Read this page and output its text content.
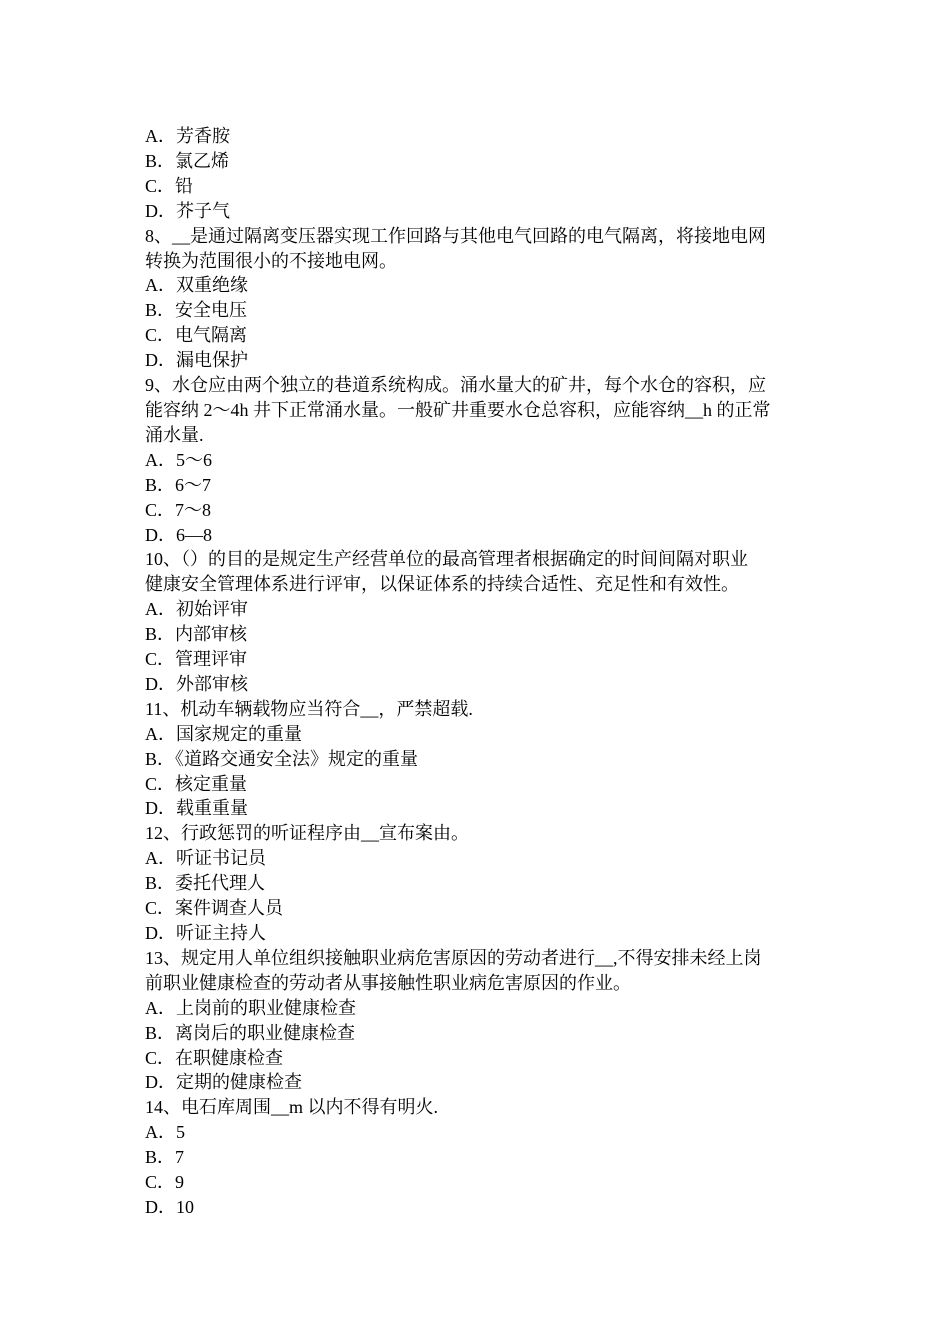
A．芳香胺

B．氯乙烯

C．铅

D．芥子气

8、__是通过隔离变压器实现工作回路与其他电气回路的电气隔离，将接地电网

转换为范围很小的不接地电网。

A．双重绝缘

B．安全电压

C．电气隔离

D．漏电保护

9、水仓应由两个独立的巷道系统构成。涌水量大的矿井，每个水仓的容积，应

能容纳 2～4h 井下正常涌水量。一般矿井重要水仓总容积，应能容纳__h 的正常

涌水量.

A．5～6

B．6～7

C．7～8

D．6—8

10、（）的目的是规定生产经营单位的最高管理者根据确定的时间间隔对职业

健康安全管理体系进行评审，以保证体系的持续合适性、充足性和有效性。

A．初始评审

B．内部审核

C．管理评审

D．外部审核

11、机动车辆载物应当符合__，严禁超载.

A．国家规定的重量

B．《道路交通安全法》规定的重量

C．核定重量

D．载重重量

12、行政惩罚的听证程序由__宣布案由。

A．听证书记员

B．委托代理人

C．案件调查人员

D．听证主持人

13、规定用人单位组织接触职业病危害原因的劳动者进行__,不得安排未经上岗

前职业健康检查的劳动者从事接触性职业病危害原因的作业。

A．上岗前的职业健康检查

B．离岗后的职业健康检查

C．在职健康检查

D．定期的健康检查

14、电石库周围__m 以内不得有明火.

A．5

B．7

C．9

D．10
